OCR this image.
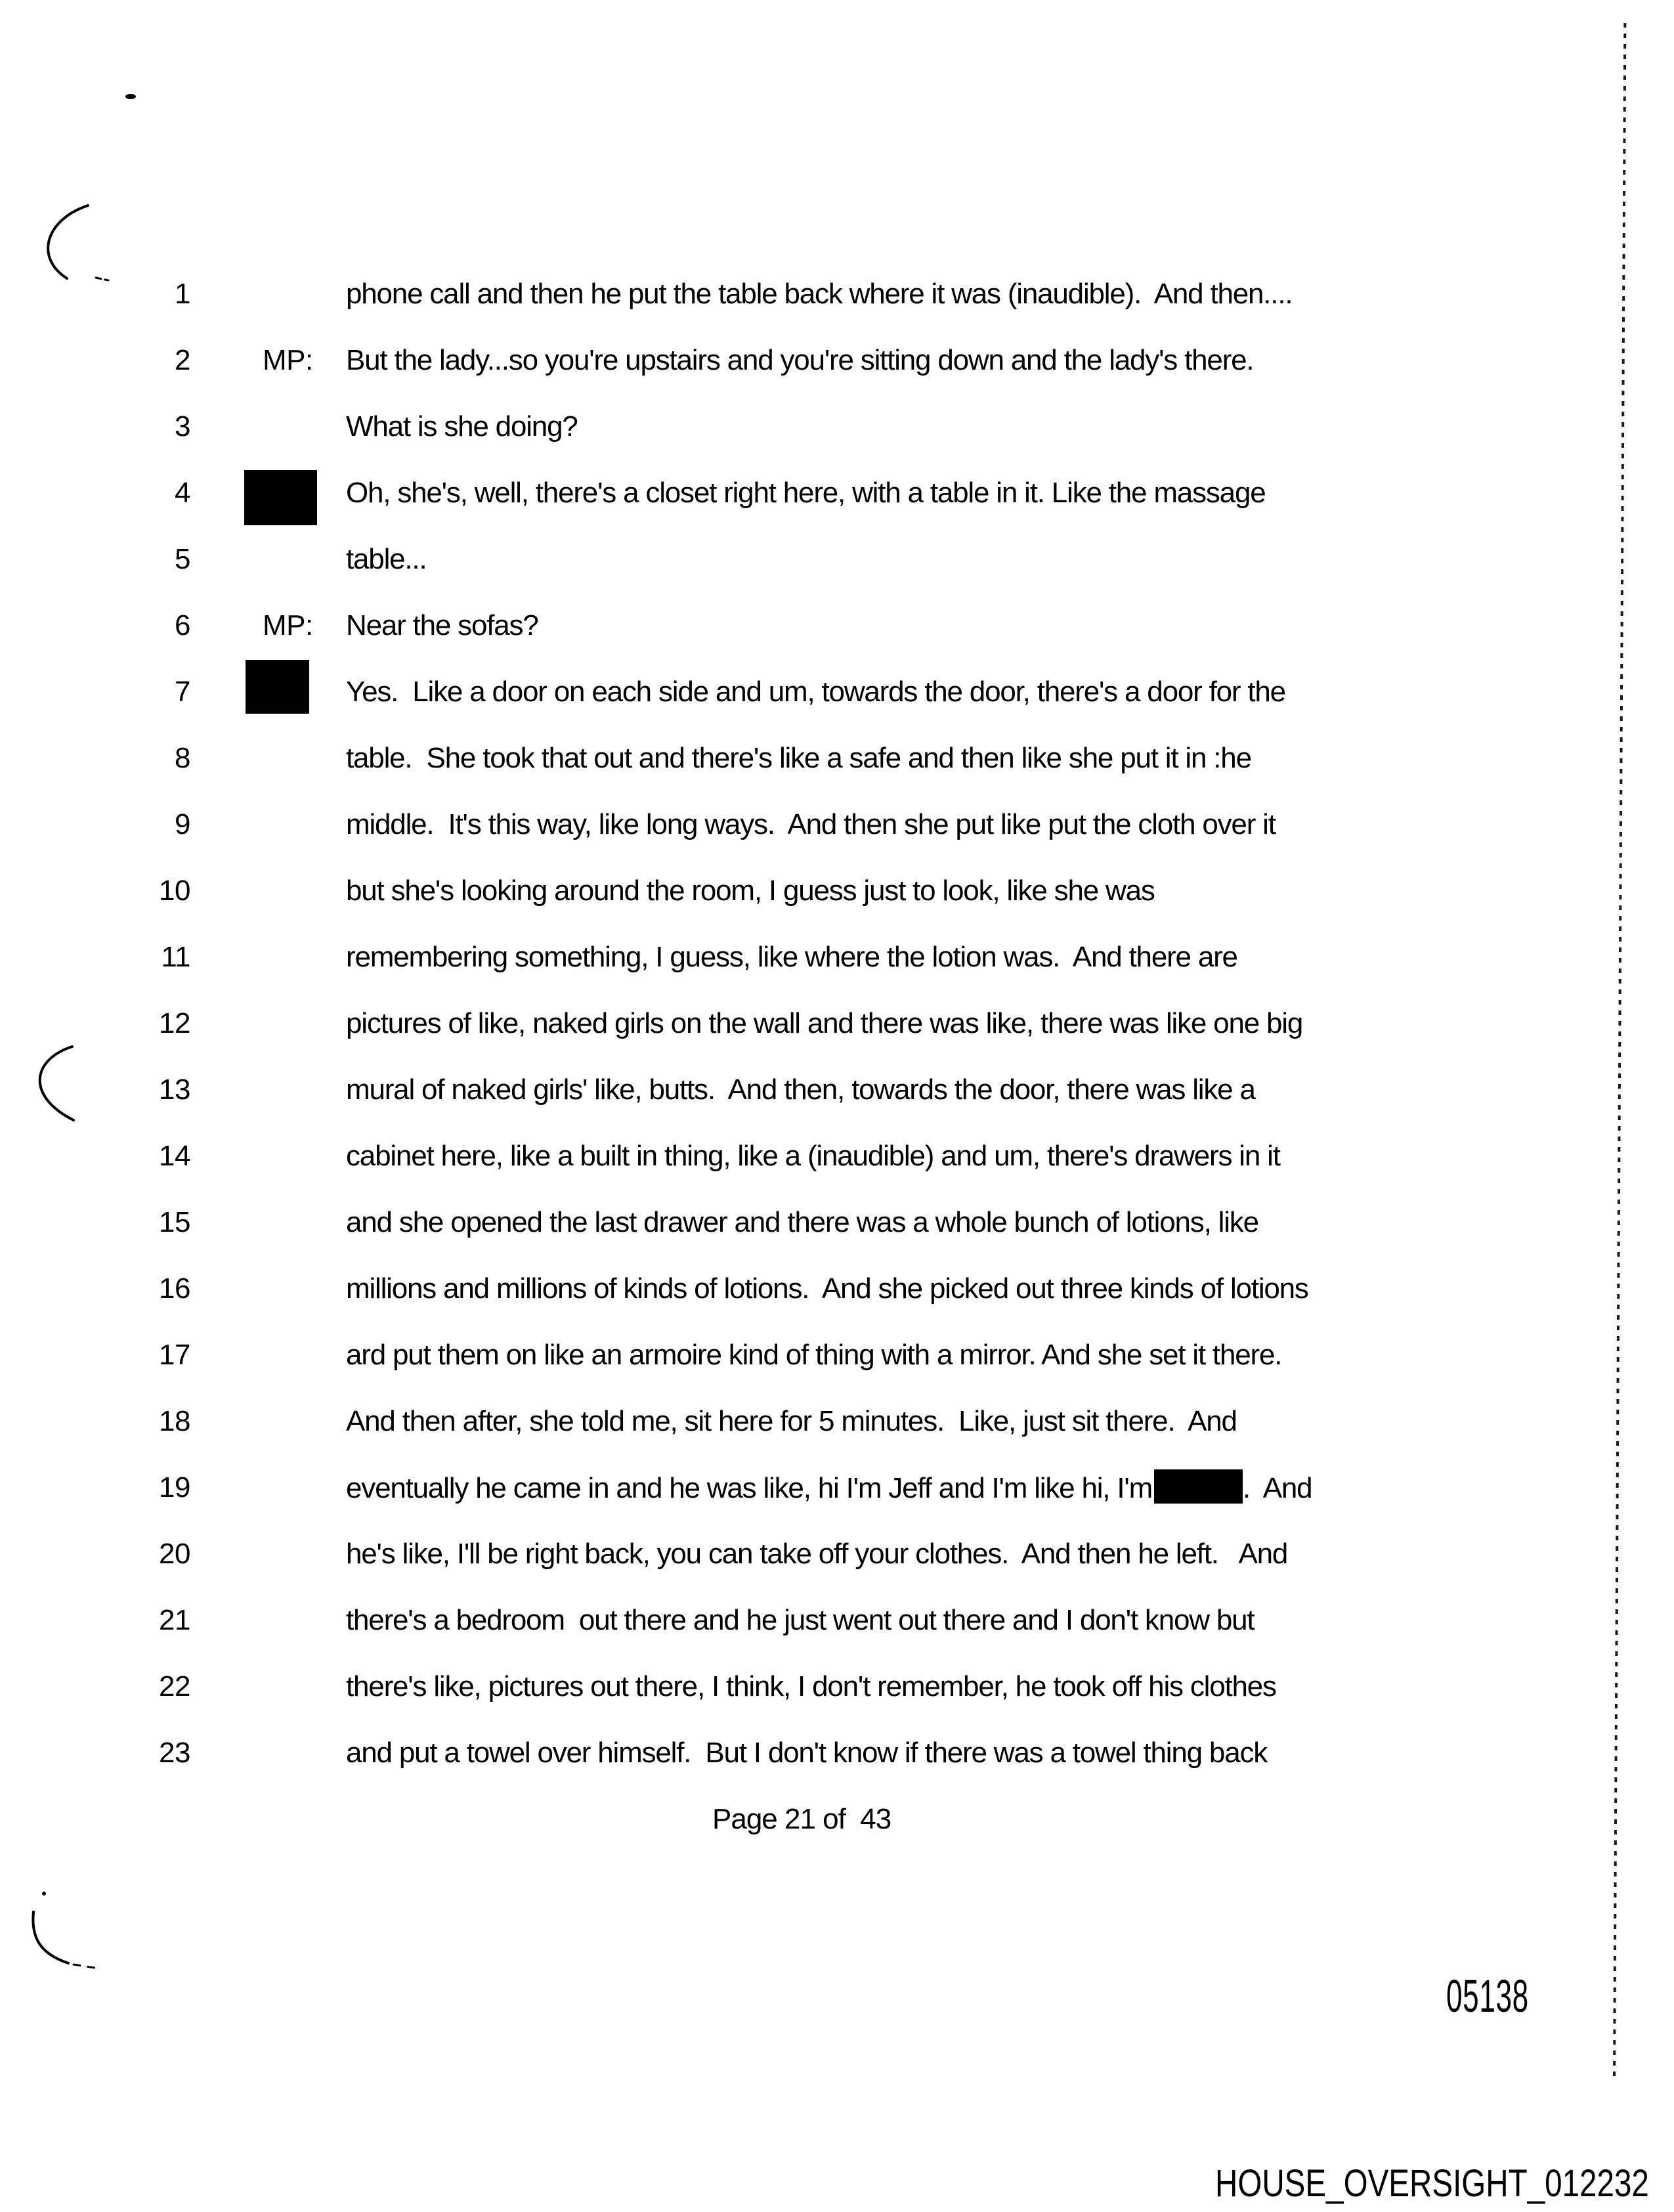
1	phone call and then he put the table back where it was (inaudible).  And then....
2	MP: But the lady...so you're upstairs and you're sitting down and the lady's there.
3	What is she doing?
4	Oh, she's, well, there's a closet right here, with a table in it. Like the massage
5	table...
6	MP: Near the sofas?
7	Yes.  Like a door on each side and um, towards the door, there's a door for the
8	table.  She took that out and there's like a safe and then like she put it in :he
9	middle.  It's this way, like long ways.  And then she put like put the cloth over it
10	but she's looking around the room, I guess just to look, like she was
11	remembering something, I guess, like where the lotion was.  And there are
12	pictures of like, naked girls on the wall and there was like, there was like one big
13	mural of naked girls' like, butts.  And then, towards the door, there was like a
14	cabinet here, like a built in thing, like a (inaudible) and um, there's drawers in it
15	and she opened the last drawer and there was a whole bunch of lotions, like
16	millions and millions of kinds of lotions.  And she picked out three kinds of lotions
17	ard put them on like an armoire kind of thing with a mirror. And she set it there.
18	And then after, she told me, sit here for 5 minutes.  Like, just sit there.  And
19	eventually he came in and he was like, hi I'm Jeff and I'm like hi, I'm	.  And
20	he's like, I'll be right back, you can take off your clothes.  And then he left.   And
21	there's a bedroom  out there and he just went out there and I don't know but
22	there's like, pictures out there, I think, I don't remember, he took off his clothes
23	and put a towel over himself.  But I don't know if there was a towel thing back
Page 21 of  43
05138
HOUSE_OVERSIGHT_012232
